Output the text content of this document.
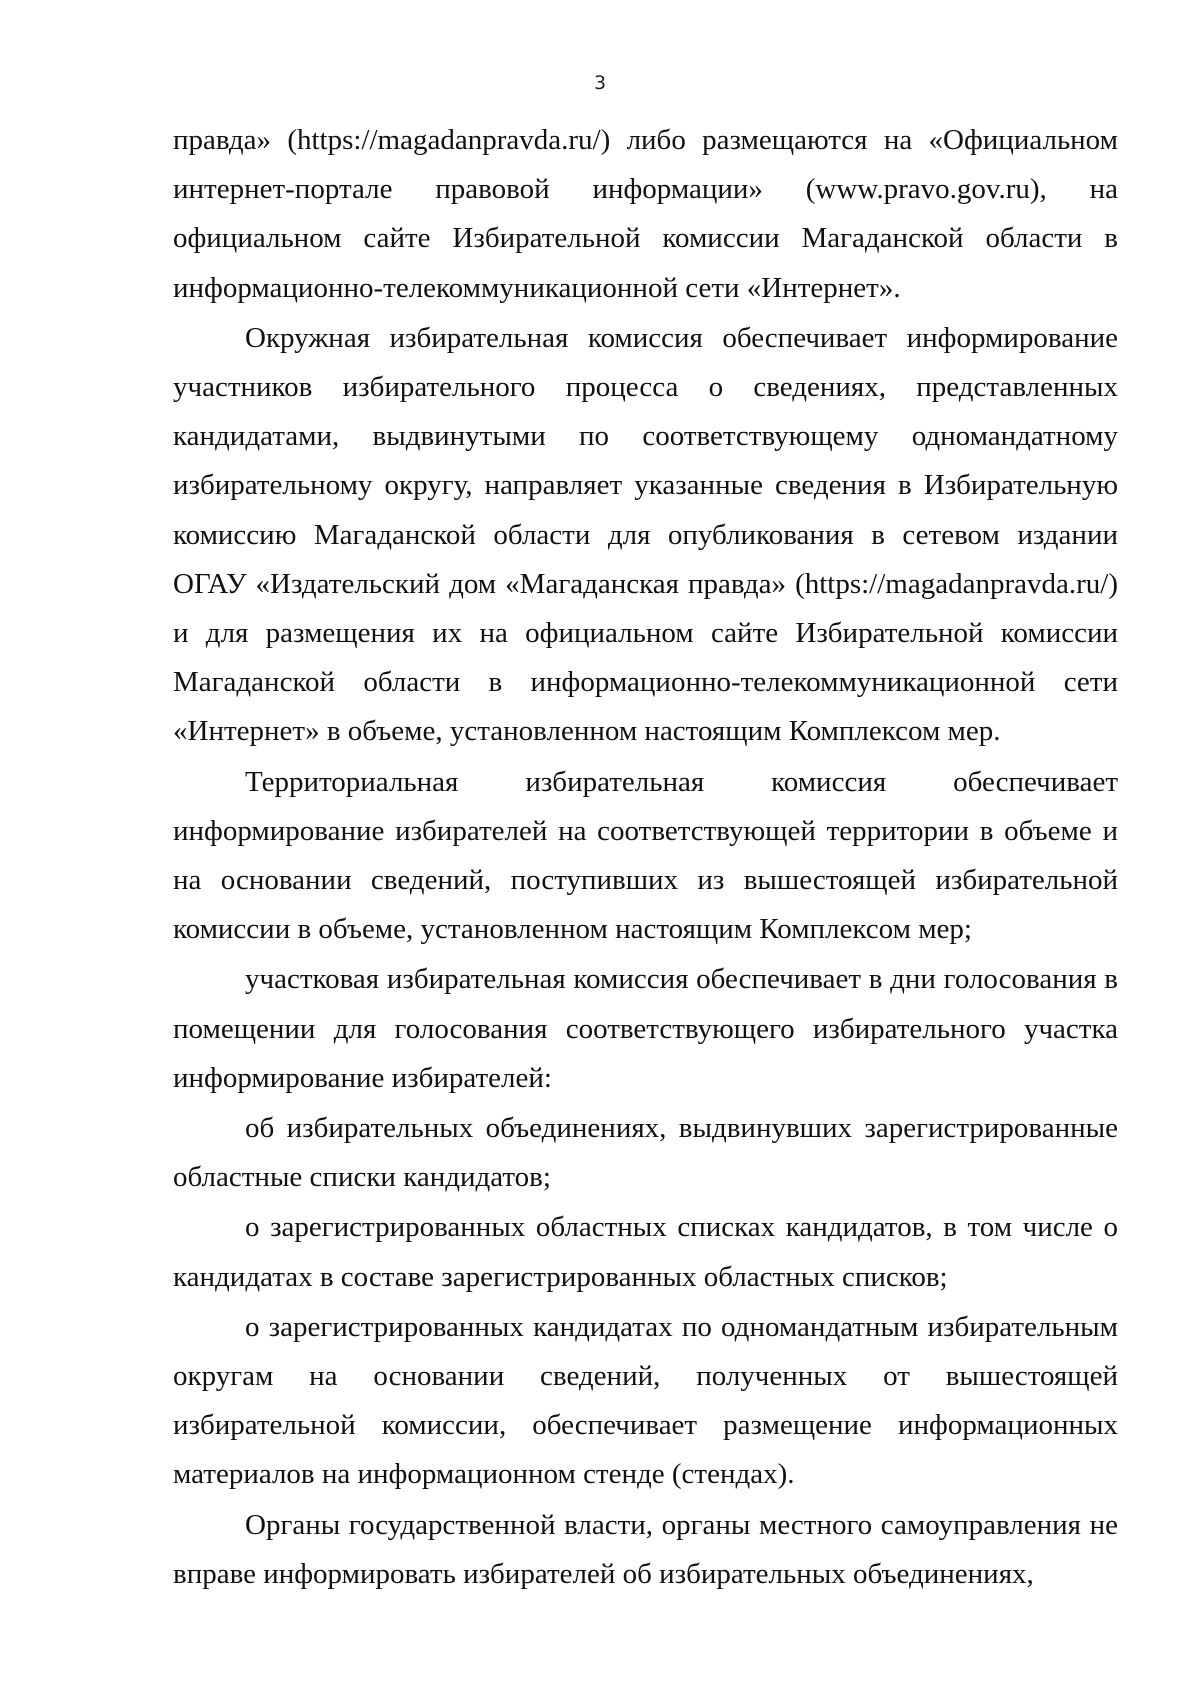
3

правда» (https://magadanpravda.ru/) либо размещаются на «Официальном интернет-портале правовой информации» (www.pravo.gov.ru), на официальном сайте Избирательной комиссии Магаданской области в информационно-телекоммуникационной сети «Интернет».

Окружная избирательная комиссия обеспечивает информирование участников избирательного процесса о сведениях, представленных кандидатами, выдвинутыми по соответствующему одномандатному избирательному округу, направляет указанные сведения в Избирательную комиссию Магаданской области для опубликования в сетевом издании ОГАУ «Издательский дом «Магаданская правда» (https://magadanpravda.ru/) и для размещения их на официальном сайте Избирательной комиссии Магаданской области в информационно-телекоммуникационной сети «Интернет» в объеме, установленном настоящим Комплексом мер.

Территориальная избирательная комиссия обеспечивает информирование избирателей на соответствующей территории в объеме и на основании сведений, поступивших из вышестоящей избирательной комиссии в объеме, установленном настоящим Комплексом мер;

участковая избирательная комиссия обеспечивает в дни голосования в помещении для голосования соответствующего избирательного участка информирование избирателей:

об избирательных объединениях, выдвинувших зарегистрированные областные списки кандидатов;

о зарегистрированных областных списках кандидатов, в том числе о кандидатах в составе зарегистрированных областных списков;

о зарегистрированных кандидатах по одномандатным избирательным округам на основании сведений, полученных от вышестоящей избирательной комиссии, обеспечивает размещение информационных материалов на информационном стенде (стендах).

Органы государственной власти, органы местного самоуправления не вправе информировать избирателей об избирательных объединениях,
